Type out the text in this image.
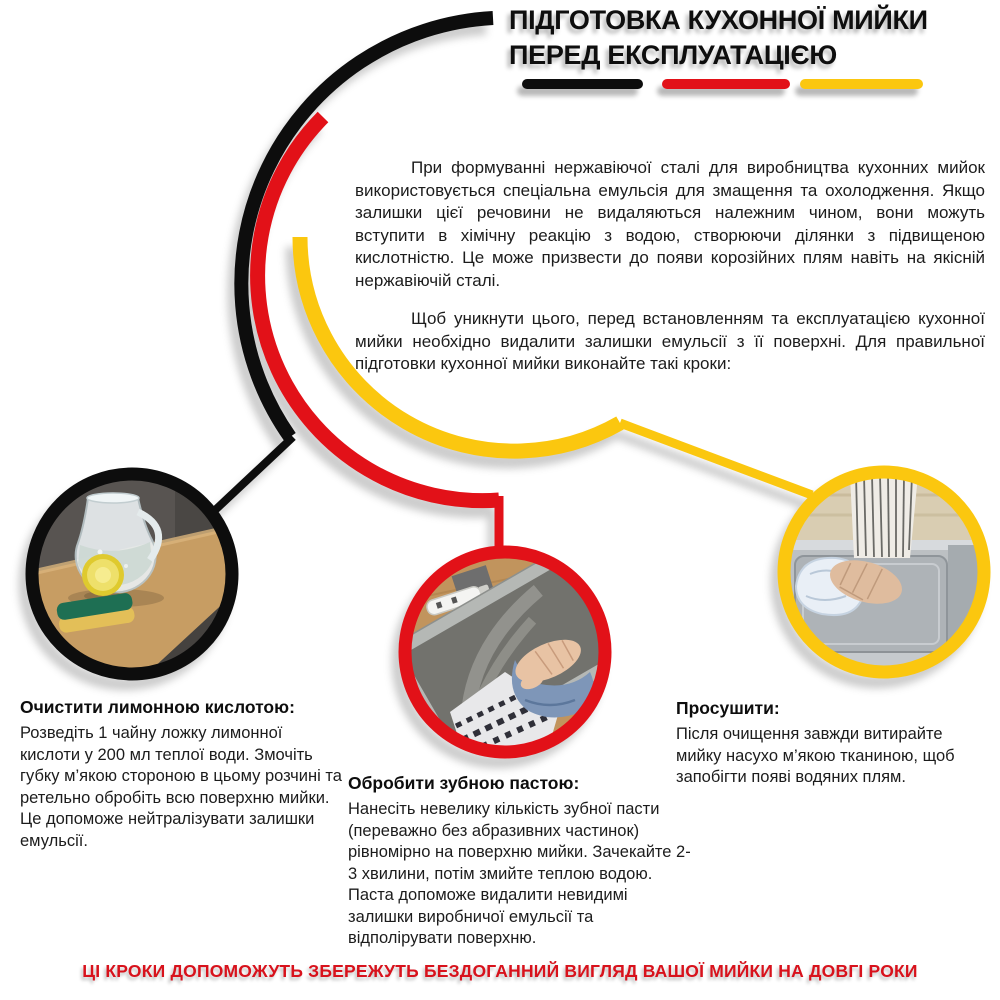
ПІДГОТОВКА КУХОННОЇ МИЙКИ
ПЕРЕД ЕКСПЛУАТАЦІЄЮ

При формуванні нержавіючої сталі для виробництва кухонних мийок використовується спеціальна емульсія для змащення та охолодження. Якщо залишки цієї речовини не видаляються належним чином, вони можуть вступити в хімічну реакцію з водою, створюючи ділянки з підвищеною кислотністю. Це може призвести до появи корозійних плям навіть на якісній нержавіючій сталі.

Щоб уникнути цього, перед встановленням та експлуатацією кухонної мийки необхідно видалити залишки емульсії з її поверхні. Для правильної підготовки кухонної мийки виконайте такі кроки:

Очистити лимонною кислотою:

Розведіть 1 чайну ложку лимонної кислоти у 200 мл теплої води. Змочіть губку м’якою стороною в цьому розчині та ретельно обробіть всю поверхню мийки. Це допоможе нейтралізувати залишки емульсії.

Обробити зубною пастою:

Нанесіть невелику кількість зубної пасти (переважно без абразивних частинок) рівномірно на поверхню мийки. Зачекайте 2-3 хвилини, потім змийте теплою водою. Паста допоможе видалити невидимі залишки виробничої емульсії та відполірувати поверхню.

Просушити:

Після очищення завжди витирайте мийку насухо м’якою тканиною, щоб запобігти появі водяних плям.

ЦІ КРОКИ ДОПОМОЖУТЬ ЗБЕРЕЖУТЬ БЕЗДОГАННИЙ ВИГЛЯД ВАШОЇ МИЙКИ НА ДОВГІ РОКИ
